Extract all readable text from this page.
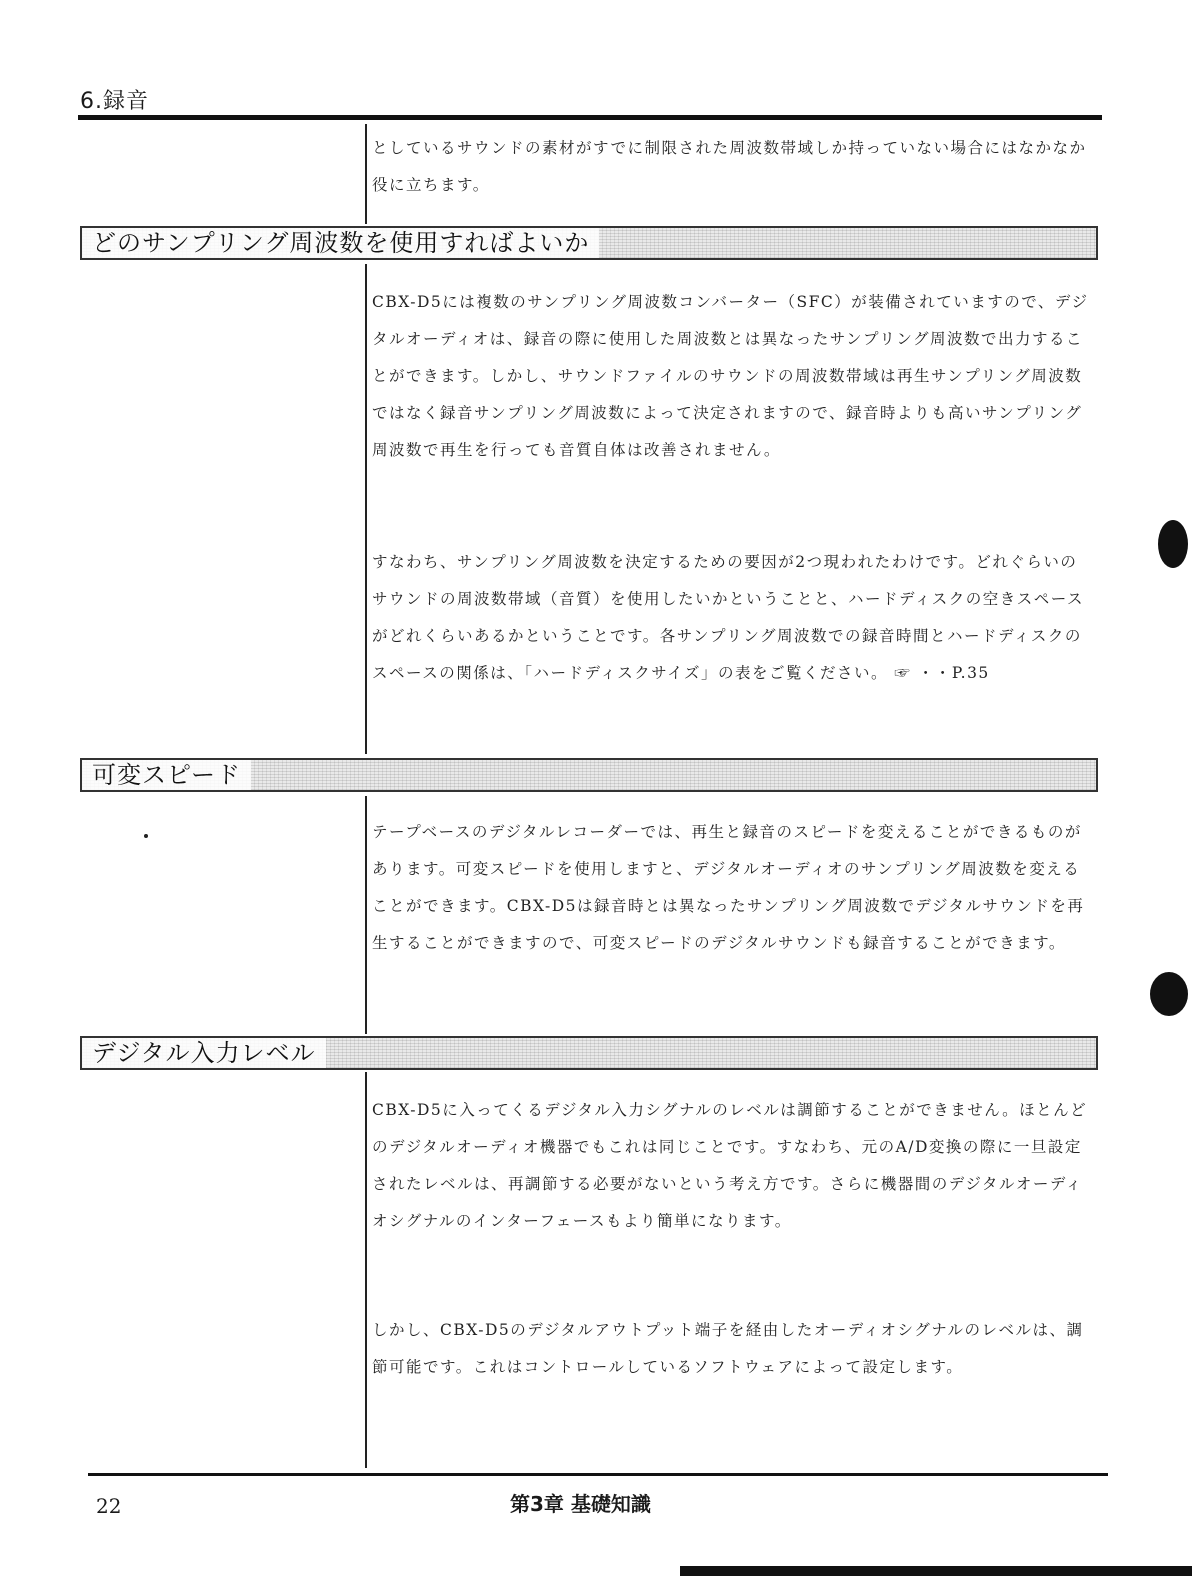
6.録音

としているサウンドの素材がすでに制限された周波数帯域しか持っていない場合にはなかなか役に立ちます。

どのサンプリング周波数を使用すればよいか

CBX-D5には複数のサンプリング周波数コンバーター（SFC）が装備されていますので、デジタルオーディオは、録音の際に使用した周波数とは異なったサンプリング周波数で出力することができます。しかし、サウンドファイルのサウンドの周波数帯域は再生サンプリング周波数ではなく録音サンプリング周波数によって決定されますので、録音時よりも高いサンプリング周波数で再生を行っても音質自体は改善されません。

すなわち、サンプリング周波数を決定するための要因が2つ現われたわけです。どれぐらいのサウンドの周波数帯域（音質）を使用したいかということと、ハードディスクの空きスペースがどれくらいあるかということです。各サンプリング周波数での録音時間とハードディスクのスペースの関係は、「ハードディスクサイズ」の表をご覧ください。 ☞ ・・P.35

可変スピード

テープベースのデジタルレコーダーでは、再生と録音のスピードを変えることができるものがあります。可変スピードを使用しますと、デジタルオーディオのサンプリング周波数を変えることができます。CBX-D5は録音時とは異なったサンプリング周波数でデジタルサウンドを再生することができますので、可変スピードのデジタルサウンドも録音することができます。

デジタル入力レベル

CBX-D5に入ってくるデジタル入力シグナルのレベルは調節することができません。ほとんどのデジタルオーディオ機器でもこれは同じことです。すなわち、元のA/D変換の際に一旦設定されたレベルは、再調節する必要がないという考え方です。さらに機器間のデジタルオーディオシグナルのインターフェースもより簡単になります。

しかし、CBX-D5のデジタルアウトプット端子を経由したオーディオシグナルのレベルは、調節可能です。これはコントロールしているソフトウェアによって設定します。

22	第3章 基礎知識
